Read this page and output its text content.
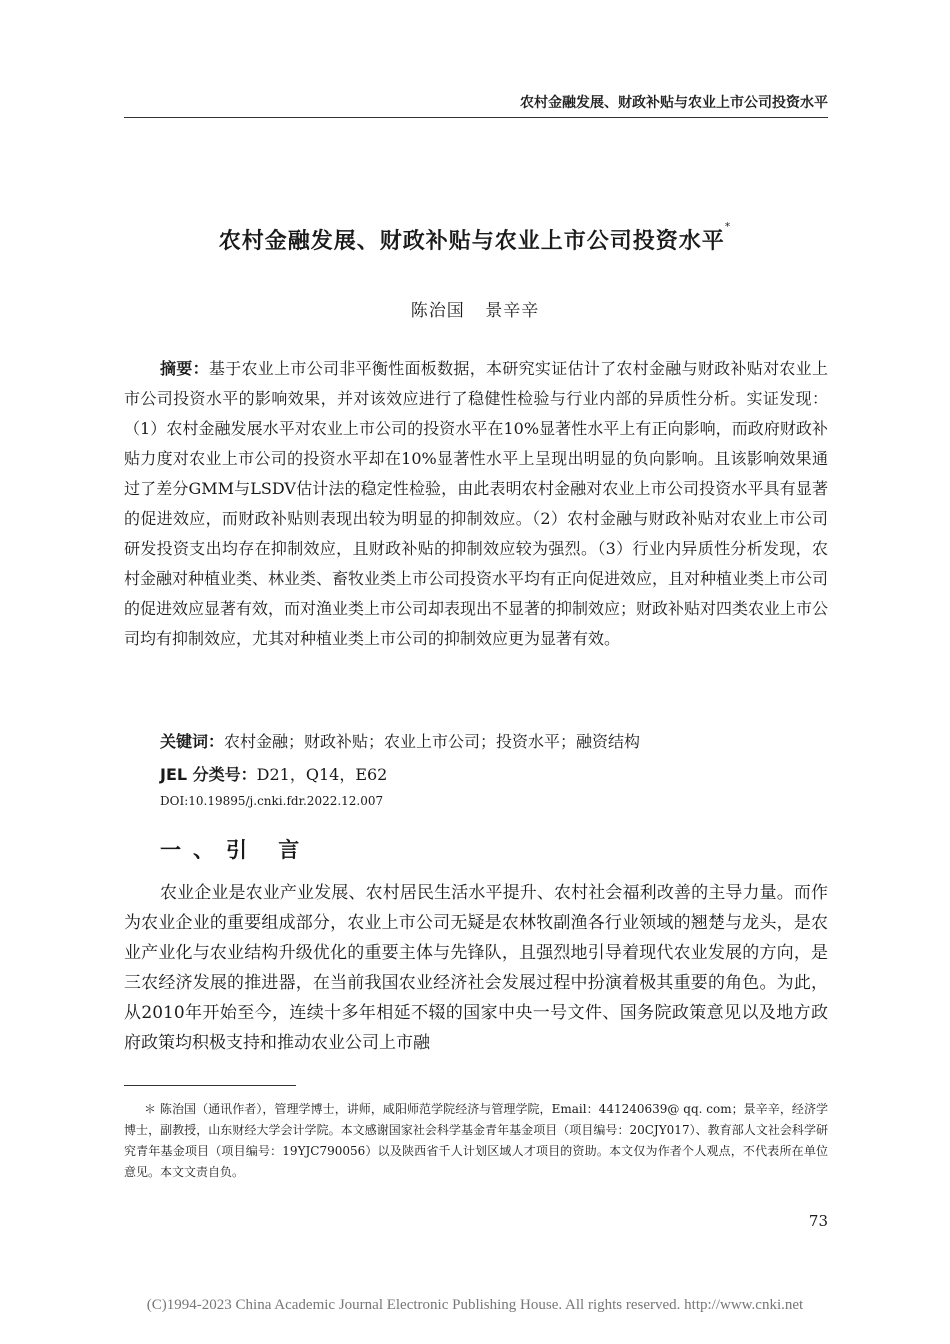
农村金融发展、财政补贴与农业上市公司投资水平
农村金融发展、财政补贴与农业上市公司投资水平*
陈治国 景辛辛
摘要：基于农业上市公司非平衡性面板数据，本研究实证估计了农村金融与财政补贴对农业上市公司投资水平的影响效果，并对该效应进行了稳健性检验与行业内部的异质性分析。实证发现：（1）农村金融发展水平对农业上市公司的投资水平在10%显著性水平上有正向影响，而政府财政补贴力度对农业上市公司的投资水平却在10%显著性水平上呈现出明显的负向影响。且该影响效果通过了差分GMM与LSDV估计法的稳定性检验，由此表明农村金融对农业上市公司投资水平具有显著的促进效应，而财政补贴则表现出较为明显的抑制效应。（2）农村金融与财政补贴对农业上市公司研发投资支出均存在抑制效应，且财政补贴的抑制效应较为强烈。（3）行业内异质性分析发现，农村金融对种植业类、林业类、畜牧业类上市公司投资水平均有正向促进效应，且对种植业类上市公司的促进效应显著有效，而对渔业类上市公司却表现出不显著的抑制效应；财政补贴对四类农业上市公司均有抑制效应，尤其对种植业类上市公司的抑制效应更为显著有效。
关键词：农村金融；财政补贴；农业上市公司；投资水平；融资结构
JEL 分类号：D21，Q14，E62
DOI:10.19895/j.cnki.fdr.2022.12.007
一、引 言
农业企业是农业产业发展、农村居民生活水平提升、农村社会福利改善的主导力量。而作为农业企业的重要组成部分，农业上市公司无疑是农林牧副渔各行业领域的翘楚与龙头，是农业产业化与农业结构升级优化的重要主体与先锋队，且强烈地引导着现代农业发展的方向，是三农经济发展的推进器，在当前我国农业经济社会发展过程中扮演着极其重要的角色。为此，从2010年开始至今，连续十多年相延不辍的国家中央一号文件、国务院政策意见以及地方政府政策均积极支持和推动农业公司上市融
＊ 陈治国（通讯作者），管理学博士，讲师，咸阳师范学院经济与管理学院，Email：441240639@ qq. com；景辛辛，经济学博士，副教授，山东财经大学会计学院。本文感谢国家社会科学基金青年基金项目（项目编号：20CJY017）、教育部人文社会科学研究青年基金项目（项目编号：19YJC790056）以及陕西省千人计划区域人才项目的资助。本文仅为作者个人观点，不代表所在单位意见。本文文责自负。
73
(C)1994-2023 China Academic Journal Electronic Publishing House. All rights reserved. http://www.cnki.net
